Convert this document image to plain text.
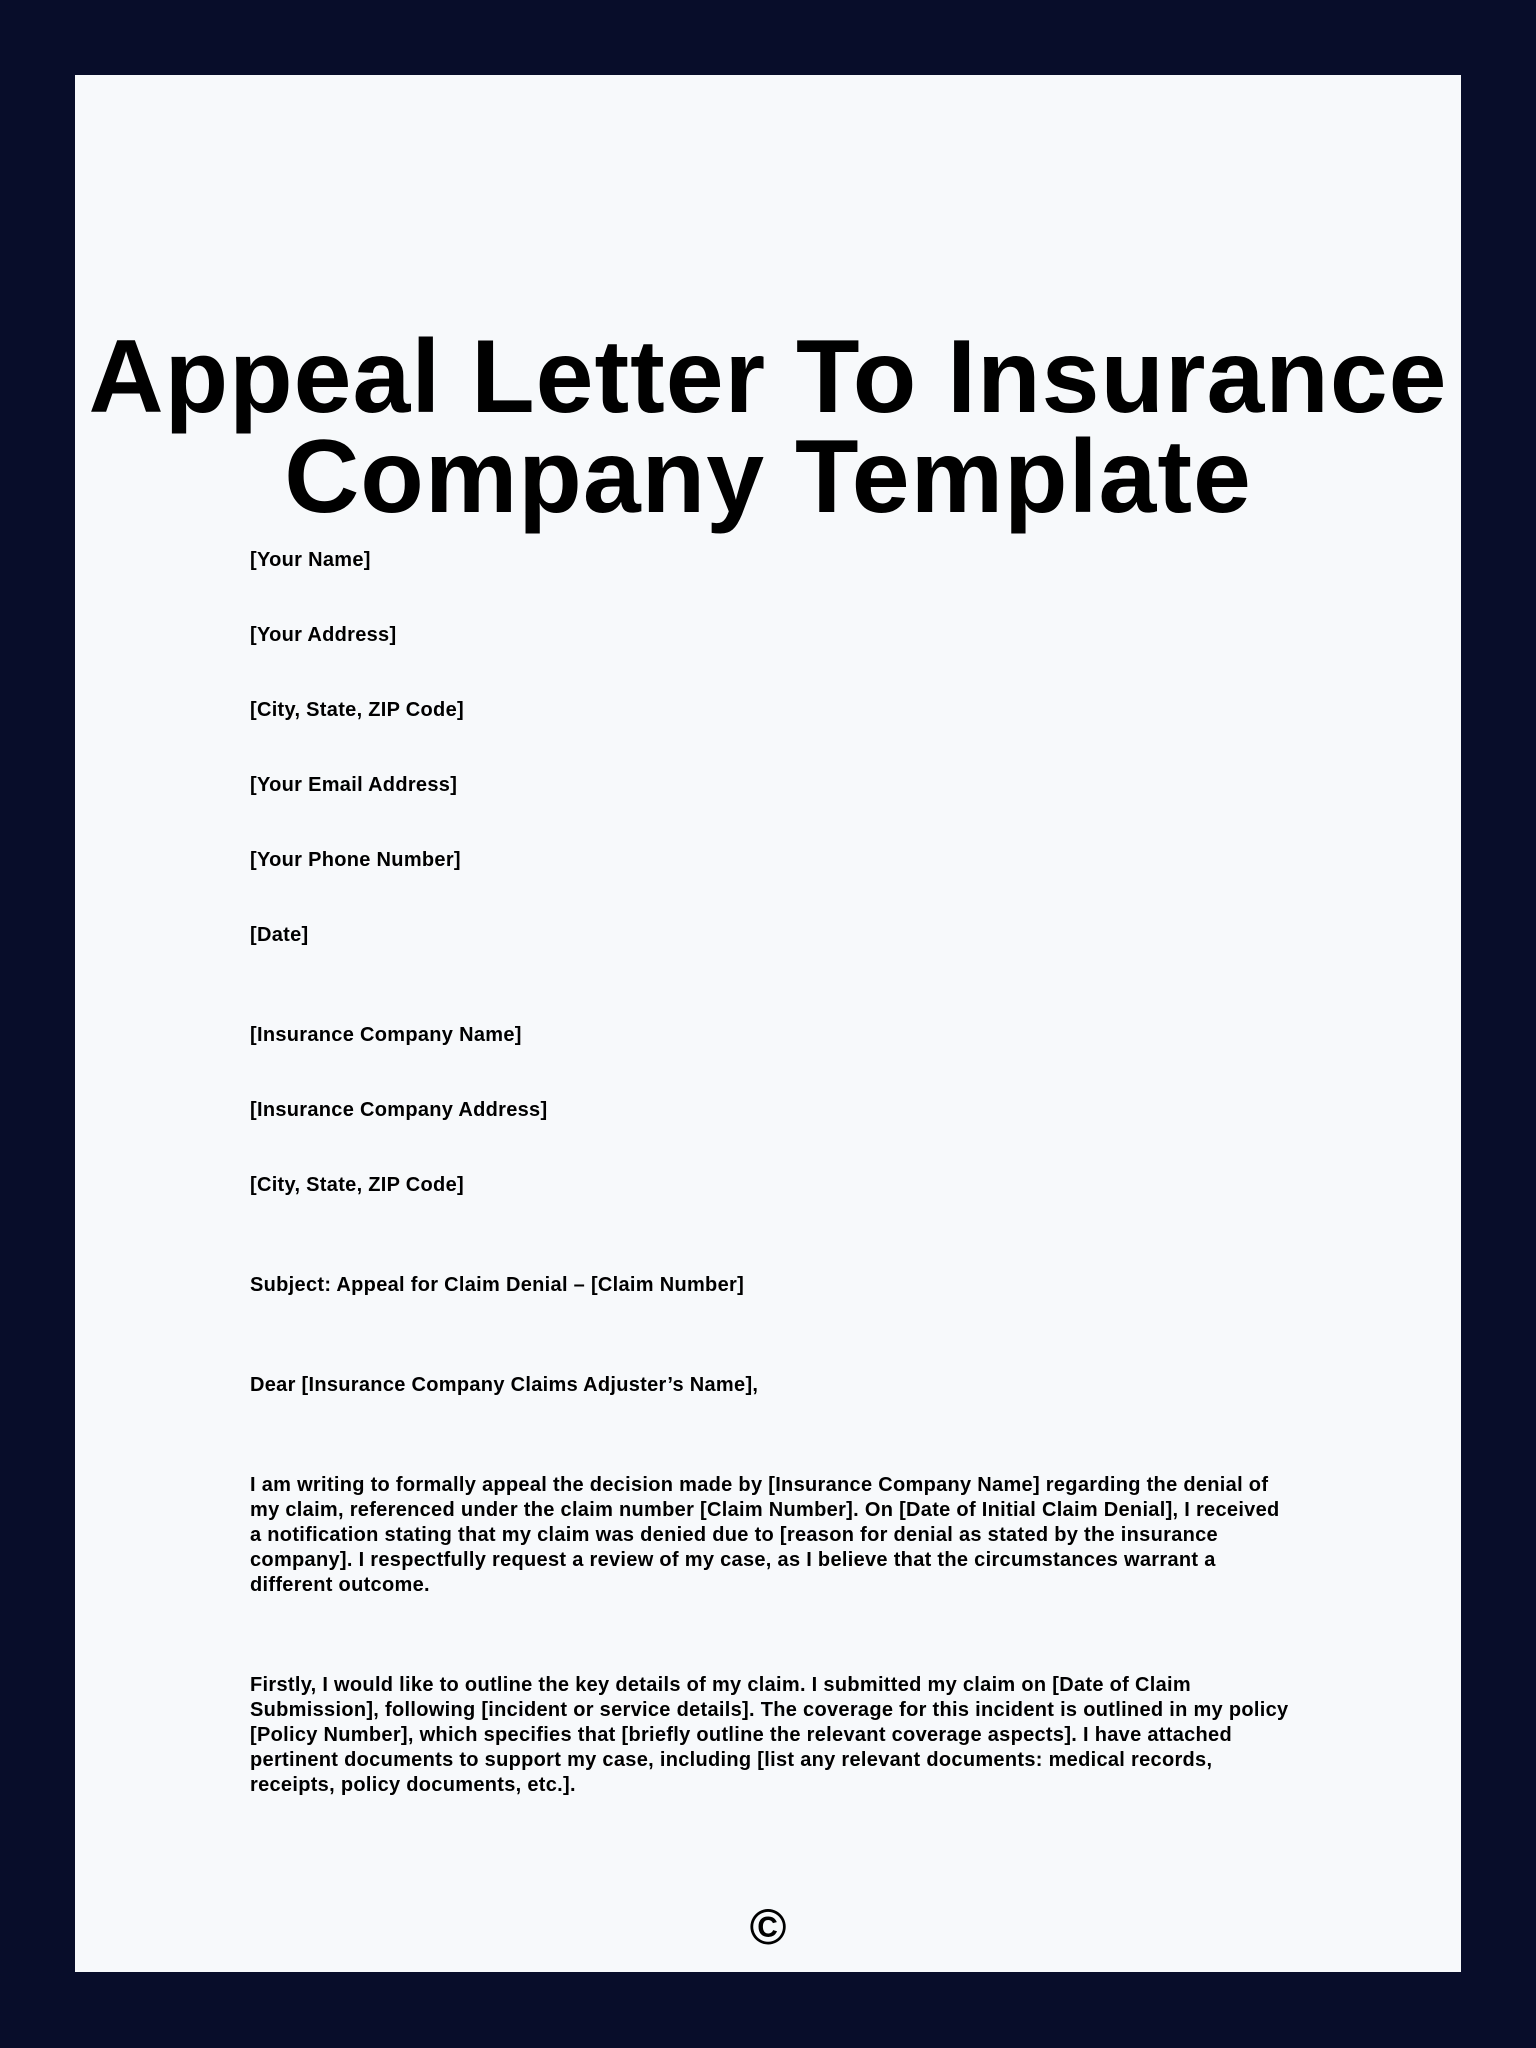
Appeal Letter To Insurance
Company Template
[Your Name]
[Your Address]
[City, State, ZIP Code]
[Your Email Address]
[Your Phone Number]
[Date]
[Insurance Company Name]
[Insurance Company Address]
[City, State, ZIP Code]
Subject: Appeal for Claim Denial – [Claim Number]
Dear [Insurance Company Claims Adjuster’s Name],

I am writing to formally appeal the decision made by [Insurance Company Name] regarding the denial of my claim, referenced under the claim number [Claim Number]. On [Date of Initial Claim Denial], I received a notification stating that my claim was denied due to [reason for denial as stated by the insurance company]. I respectfully request a review of my case, as I believe that the circumstances warrant a different outcome.

Firstly, I would like to outline the key details of my claim. I submitted my claim on [Date of Claim Submission], following [incident or service details]. The coverage for this incident is outlined in my policy [Policy Number], which specifies that [briefly outline the relevant coverage aspects]. I have attached pertinent documents to support my case, including [list any relevant documents: medical records, receipts, policy documents, etc.].

©
